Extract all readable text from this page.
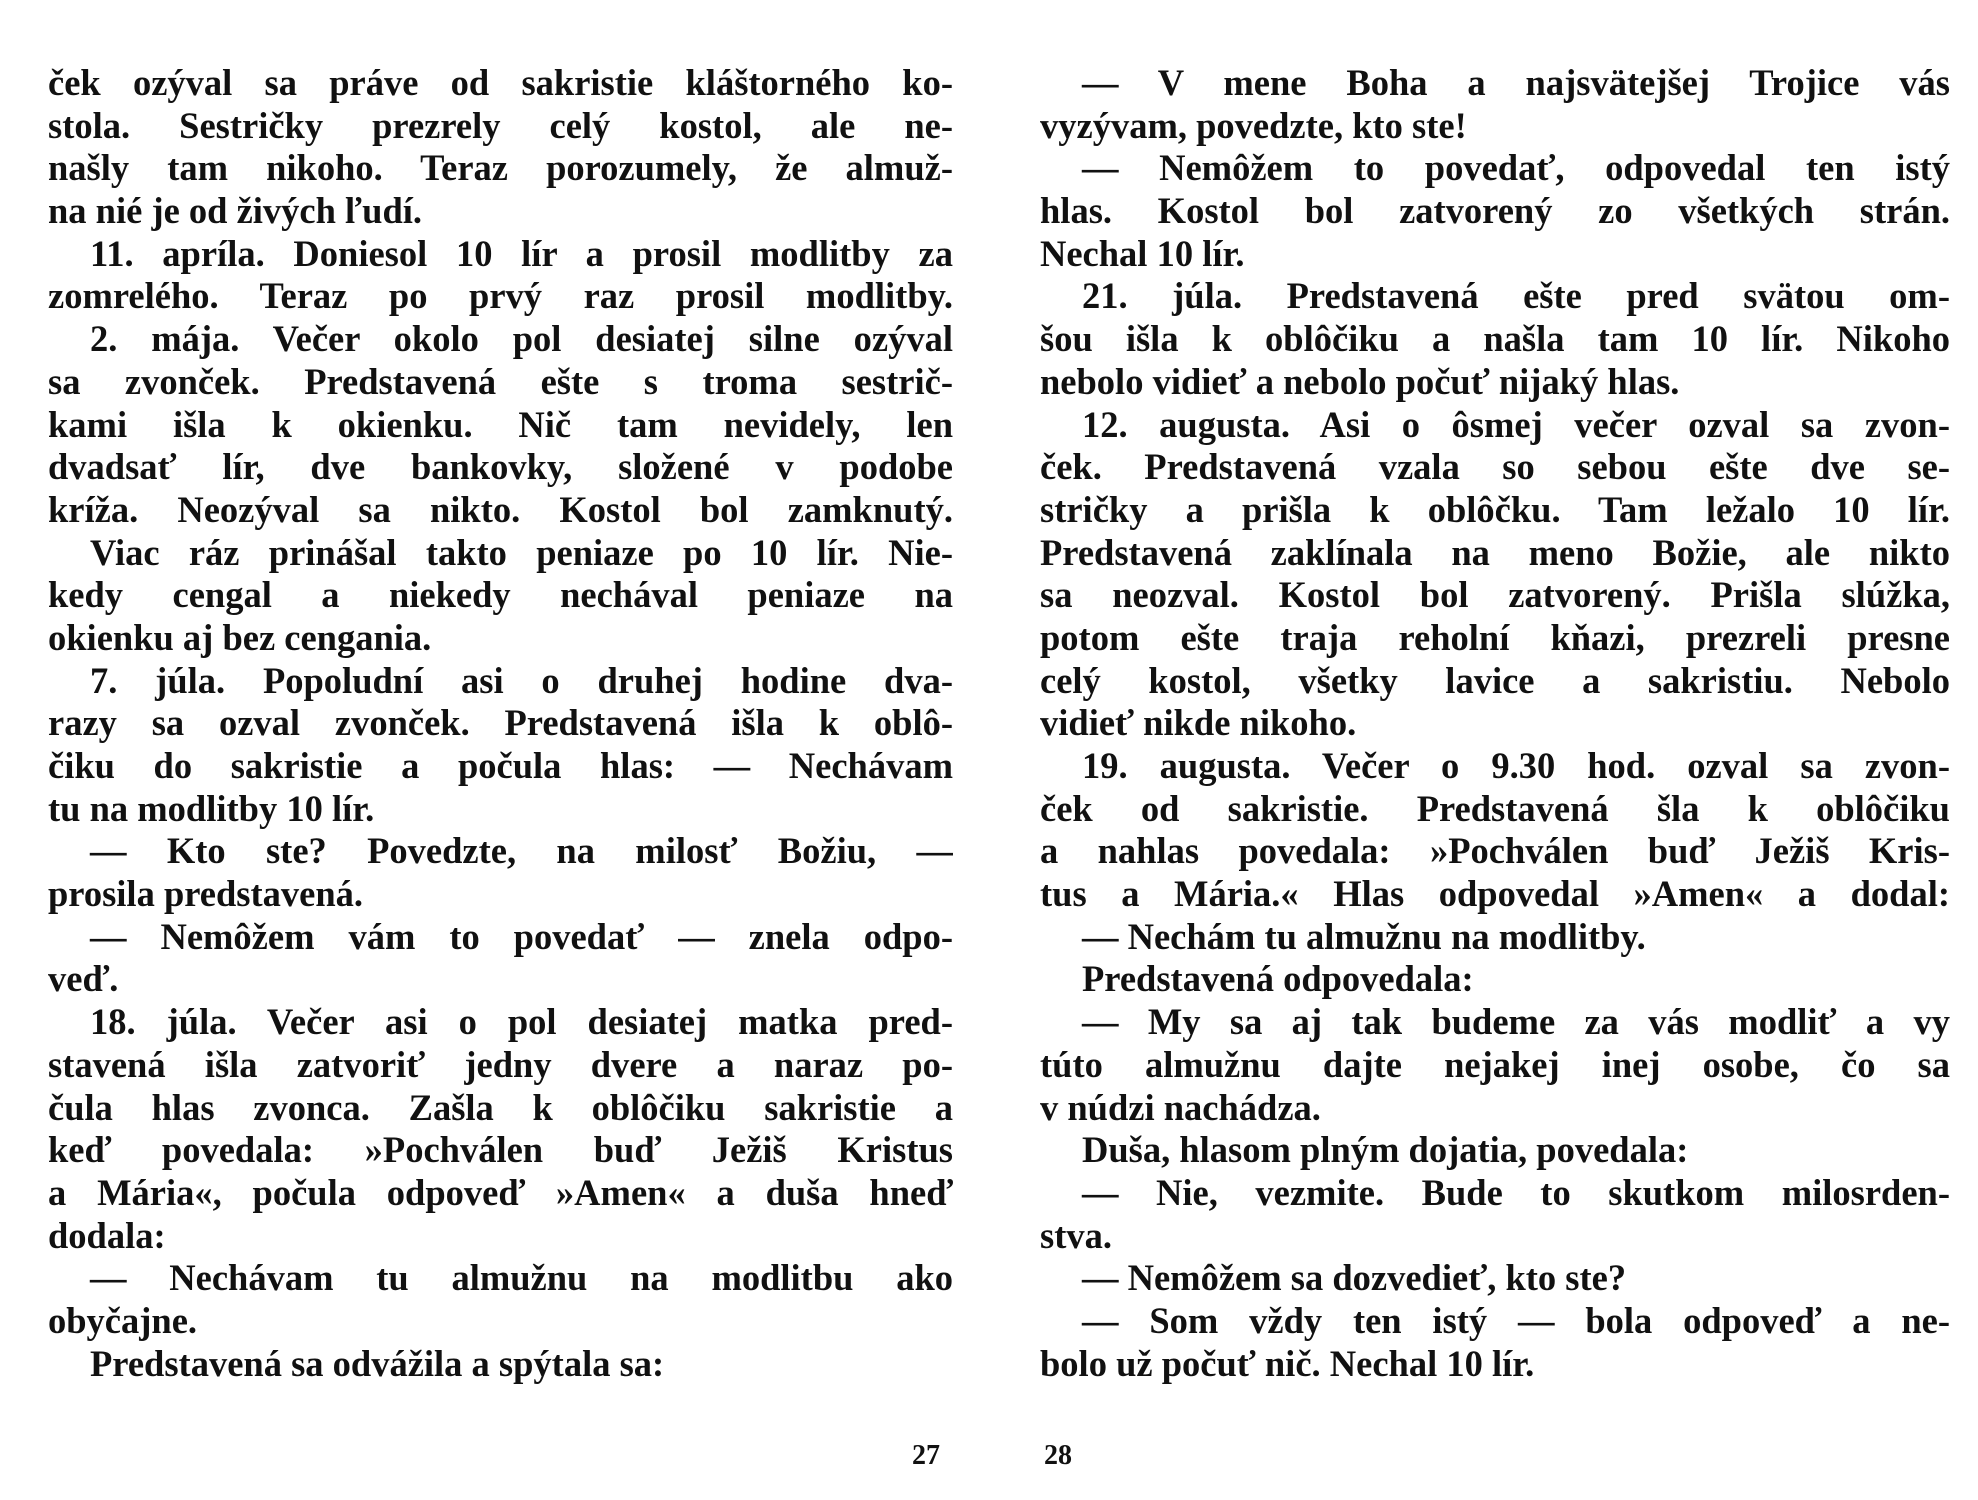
ček ozýval sa práve od sakristie kláštorného ko-
stola. Sestričky prezrely celý kostol, ale ne-
našly tam nikoho. Teraz porozumely, že almuž-
na nié je od živých ľudí.
11. apríla. Doniesol 10 lír a prosil modlitby za
zomrelého. Teraz po prvý raz prosil modlitby.
2. mája. Večer okolo pol desiatej silne ozýval
sa zvonček. Predstavená ešte s troma sestrič-
kami išla k okienku. Nič tam nevidely, len
dvadsať lír, dve bankovky, složené v podobe
kríža. Neozýval sa nikto. Kostol bol zamknutý.
Viac ráz prinášal takto peniaze po 10 lír. Nie-
kedy cengal a niekedy nechával peniaze na
okienku aj bez cengania.
7. júla. Popoludní asi o druhej hodine dva-
razy sa ozval zvonček. Predstavená išla k oblô-
čiku do sakristie a počula hlas: — Nechávam
tu na modlitby 10 lír.
— Kto ste? Povedzte, na milosť Božiu, —
prosila predstavená.
— Nemôžem vám to povedať — znela odpo-
veď.
18. júla. Večer asi o pol desiatej matka pred-
stavená išla zatvoriť jedny dvere a naraz po-
čula hlas zvonca. Zašla k oblôčiku sakristie a
keď povedala: »Pochválen buď Ježiš Kristus
a Mária«, počula odpoveď »Amen« a duša hneď
dodala:
— Nechávam tu almužnu na modlitbu ako
obyčajne.
Predstavená sa odvážila a spýtala sa:
— V mene Boha a najsvätejšej Trojice vás
vyzývam, povedzte, kto ste!
— Nemôžem to povedať, odpovedal ten istý
hlas. Kostol bol zatvorený zo všetkých strán.
Nechal 10 lír.
21. júla. Predstavená ešte pred svätou om-
šou išla k oblôčiku a našla tam 10 lír. Nikoho
nebolo vidieť a nebolo počuť nijaký hlas.
12. augusta. Asi o ôsmej večer ozval sa zvon-
ček. Predstavená vzala so sebou ešte dve se-
stričky a prišla k oblôčku. Tam ležalo 10 lír.
Predstavená zaklínala na meno Božie, ale nikto
sa neozval. Kostol bol zatvorený. Prišla slúžka,
potom ešte traja reholní kňazi, prezreli presne
celý kostol, všetky lavice a sakristiu. Nebolo
vidieť nikde nikoho.
19. augusta. Večer o 9.30 hod. ozval sa zvon-
ček od sakristie. Predstavená šla k oblôčiku
a nahlas povedala: »Pochválen buď Ježiš Kris-
tus a Mária.« Hlas odpovedal »Amen« a dodal:
— Nechám tu almužnu na modlitby.
Predstavená odpovedala:
— My sa aj tak budeme za vás modliť a vy
túto almužnu dajte nejakej inej osobe, čo sa
v núdzi nachádza.
Duša, hlasom plným dojatia, povedala:
— Nie, vezmite. Bude to skutkom milosrden-
stva.
— Nemôžem sa dozvedieť, kto ste?
— Som vždy ten istý — bola odpoveď a ne-
bolo už počuť nič. Nechal 10 lír.
27	28
